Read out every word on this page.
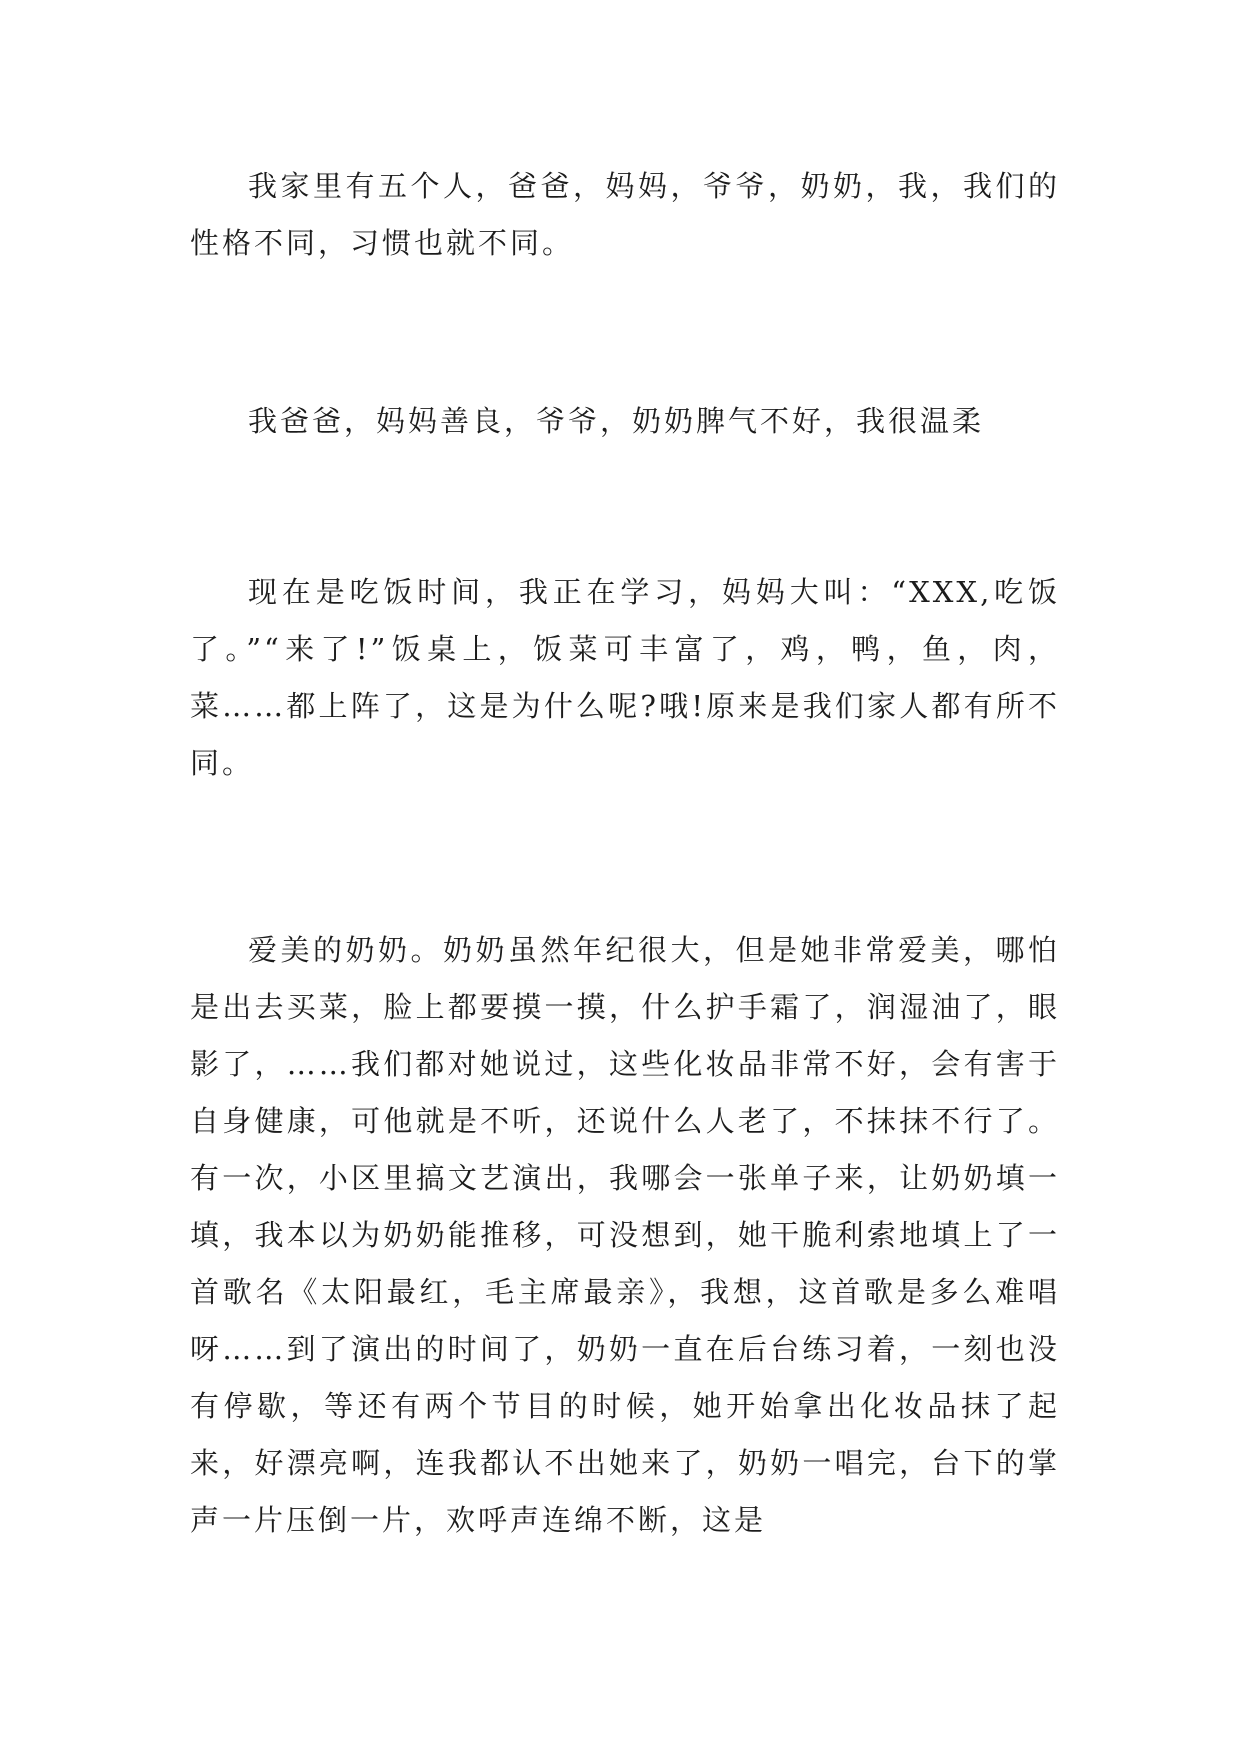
我家里有五个人，爸爸，妈妈，爷爷，奶奶，我，我们的性格不同，习惯也就不同。

我爸爸，妈妈善良，爷爷，奶奶脾气不好，我很温柔

现在是吃饭时间，我正在学习，妈妈大叫：“XXX,吃饭了。”“来了!”饭桌上，饭菜可丰富了，鸡，鸭，鱼，肉，菜……都上阵了，这是为什么呢?哦!原来是我们家人都有所不同。

爱美的奶奶。奶奶虽然年纪很大，但是她非常爱美，哪怕是出去买菜，脸上都要摸一摸，什么护手霜了，润湿油了，眼影了，……我们都对她说过，这些化妆品非常不好，会有害于自身健康，可他就是不听，还说什么人老了，不抹抹不行了。有一次，小区里搞文艺演出，我哪会一张单子来，让奶奶填一填，我本以为奶奶能推移，可没想到，她干脆利索地填上了一首歌名《太阳最红，毛主席最亲》，我想，这首歌是多么难唱呀……到了演出的时间了，奶奶一直在后台练习着，一刻也没有停歇，等还有两个节目的时候，她开始拿出化妆品抹了起来，好漂亮啊，连我都认不出她来了，奶奶一唱完，台下的掌声一片压倒一片，欢呼声连绵不断，这是
